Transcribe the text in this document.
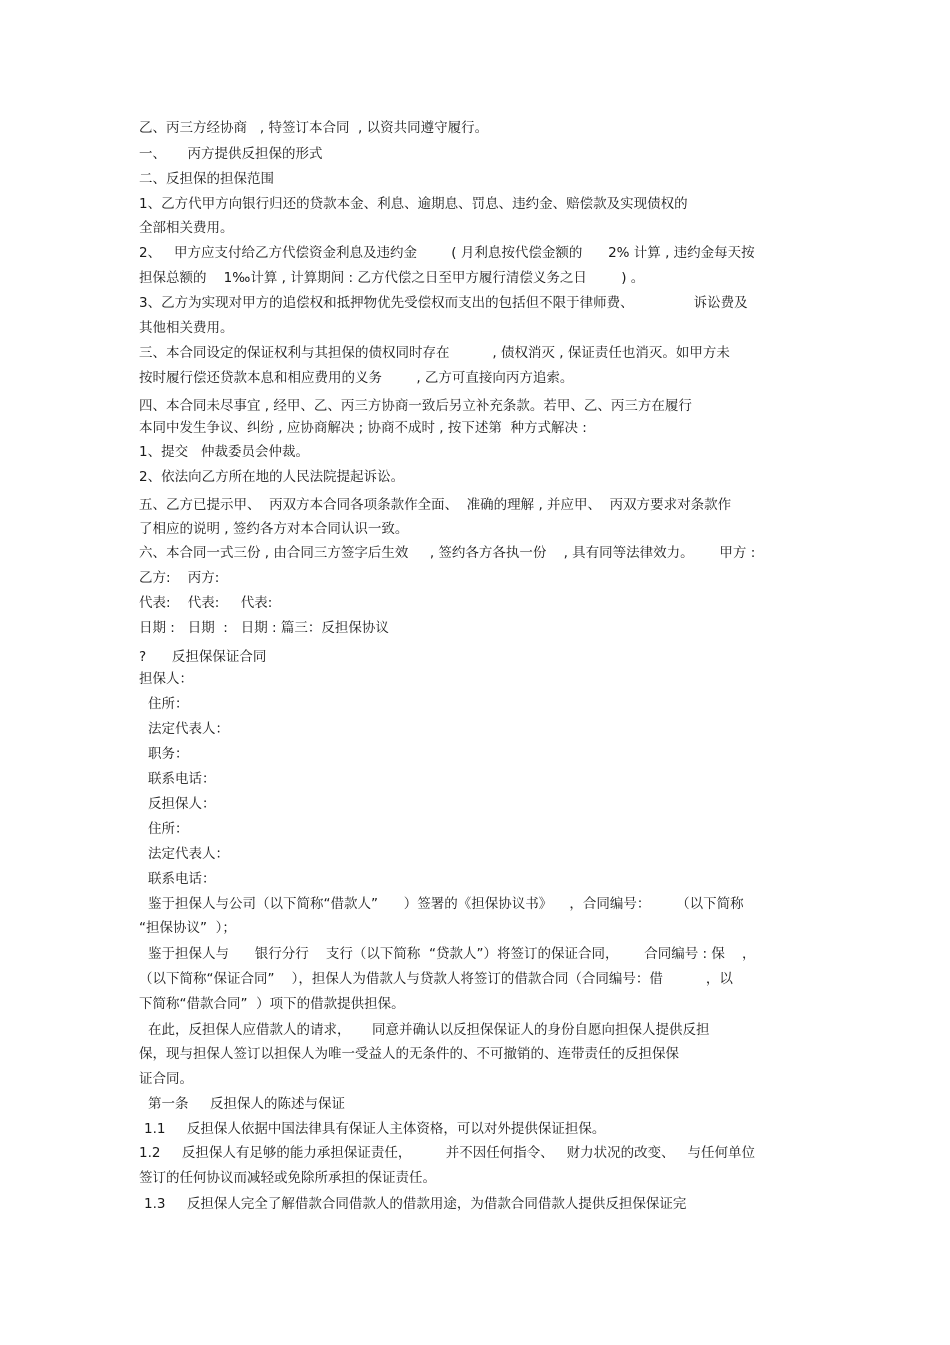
乙、丙三方经协商   , 特签订本合同  , 以资共同遵守履行。
一、     丙方提供反担保的形式
二、反担保的担保范围
1、乙方代甲方向银行归还的贷款本金、利息、逾期息、罚息、违约金、赔偿款及实现债权的
全部相关费用。
2、   甲方应支付给乙方代偿资金利息及违约金        ( 月利息按代偿金额的      2% 计算 , 违约金每天按
担保总额的    1‰计算 , 计算期间 : 乙方代偿之日至甲方履行清偿义务之日        ) 。
3、乙方为实现对甲方的追偿权和抵押物优先受偿权而支出的包括但不限于律师费、              诉讼费及
其他相关费用。
三、本合同设定的保证权利与其担保的债权同时存在          , 债权消灭 , 保证责任也消灭。如甲方未
按时履行偿还贷款本息和相应费用的义务        , 乙方可直接向丙方追索。
四、本合同未尽事宜 , 经甲、乙、丙三方协商一致后另立补充条款。若甲、乙、丙三方在履行
本同中发生争议、纠纷 , 应协商解决 ; 协商不成时 , 按下述第  种方式解决 :
1、提交   仲裁委员会仲裁。
2、依法向乙方所在地的人民法院提起诉讼。
五、乙方已提示甲、  丙双方本合同各项条款作全面、  准确的理解 , 并应甲、  丙双方要求对条款作
了相应的说明 , 签约各方对本合同认识一致。
六、本合同一式三份 , 由合同三方签字后生效     , 签约各方各执一份    , 具有同等法律效力。      甲方 :
乙方:    丙方:
代表:    代表:     代表:
日期 :   日期  :   日期 : 篇三：反担保协议
?      反担保保证合同
担保人：
住所：
法定代表人：
职务：
联系电话：
反担保人：
住所：
法定代表人：
联系电话：
鉴于担保人与公司（以下简称“借款人”      ）签署的《担保协议书》    ，合同编号：      （以下简称
“担保协议”  ）；
鉴于担保人与      银行分行    支行（以下简称  “贷款人”）将签订的保证合同，      合同编号 : 保    ，
（以下简称“保证合同”    ），担保人为借款人与贷款人将签订的借款合同（合同编号：借          ，以
下简称“借款合同”  ）项下的借款提供担保。
在此，反担保人应借款人的请求，     同意并确认以反担保保证人的身份自愿向担保人提供反担
保，现与担保人签订以担保人为唯一受益人的无条件的、不可撤销的、连带责任的反担保保
证合同。
第一条     反担保人的陈述与保证
1.1     反担保人依据中国法律具有保证人主体资格，可以对外提供保证担保。
1.2     反担保人有足够的能力承担保证责任，        并不因任何指令、   财力状况的改变、   与任何单位
签订的任何协议而减轻或免除所承担的保证责任。
1.3     反担保人完全了解借款合同借款人的借款用途，为借款合同借款人提供反担保保证完
